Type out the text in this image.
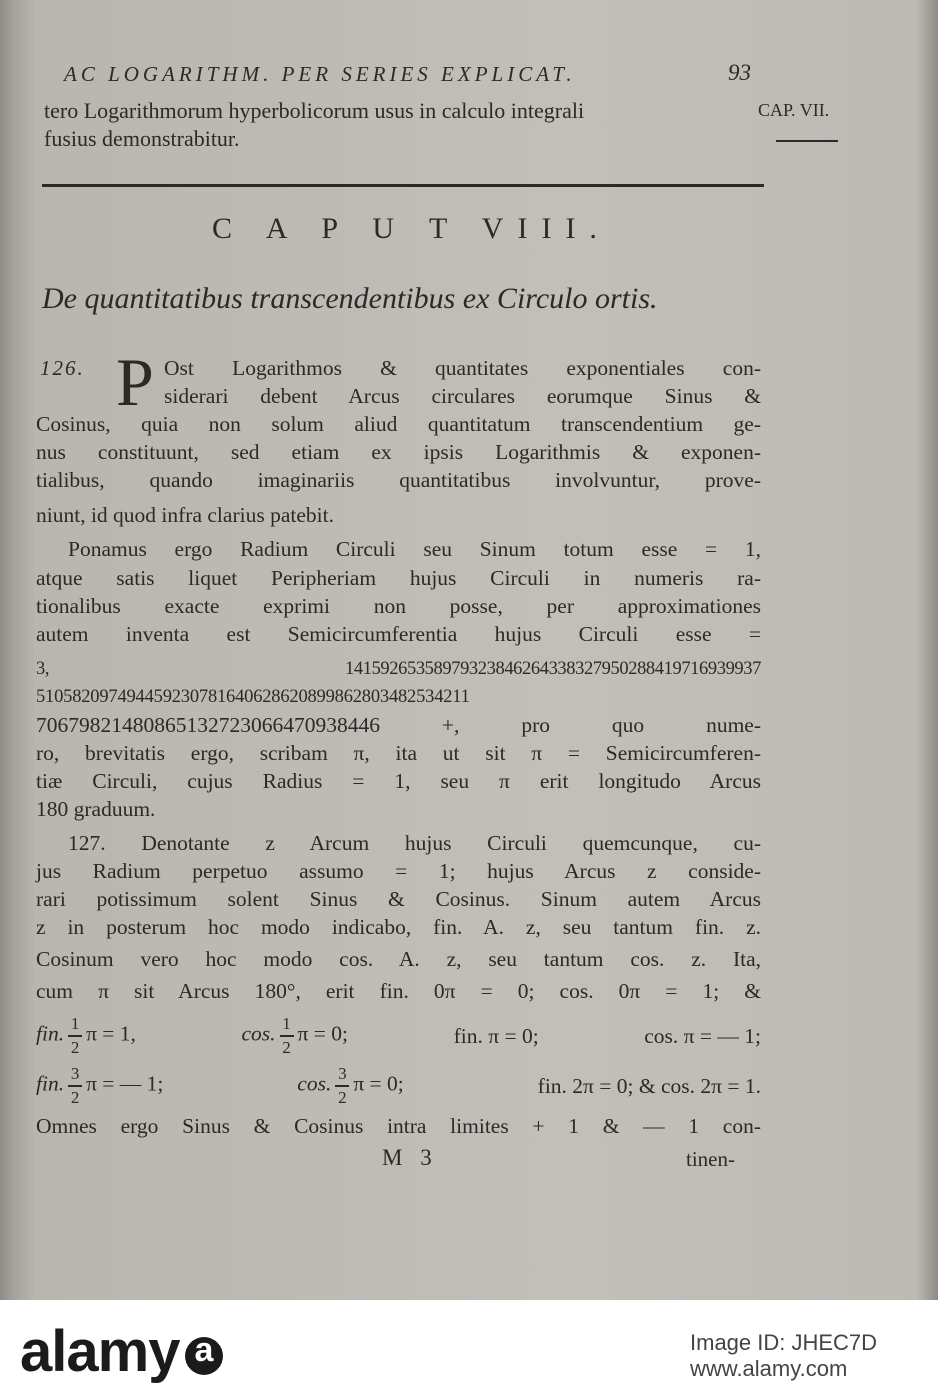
AC LOGARITHM. PER SERIES EXPLICAT.	93
tero Logarithmorum hyperbolicorum usus in calculo integrali	CAP. VII.
fusius demonstrabitur.
C A P U T VIII.
De quantitatibus transcendentibus ex Circulo ortis.
126. P Ost Logarithmos & quantitates exponentiales con-
siderari debent Arcus circulares eorumque Sinus &
Cosinus, quia non solum aliud quantitatum transcendentium ge-
nus constituunt, sed etiam ex ipsis Logarithmis & exponen-
tialibus, quando imaginariis quantitatibus involvuntur, prove-
niunt, id quod infra clarius patebit.
Ponamus ergo Radium Circuli seu Sinum totum esse = 1,
atque satis liquet Peripheriam hujus Circuli in numeris ra-
tionalibus exacte exprimi non posse, per approximationes
autem inventa est Semicircumferentia hujus Circuli esse =
3, 14159265358979323846264338327950288419716939937
510582097494459230781640628620899862803482534211
70679821480865132723066470938446 +, pro quo nume-
ro, brevitatis ergo, scribam π, ita ut sit π = Semicircumferen-
tiæ Circuli, cujus Radius = 1, seu π erit longitudo Arcus
180 graduum.
127. Denotante z Arcum hujus Circuli quemcunque, cu-
jus Radium perpetuo assumo = 1; hujus Arcus z conside-
rari potissimum solent Sinus & Cosinus. Sinum autem Arcus
z in posterum hoc modo indicabo, fin. A. z, seu tantum fin. z.
Cosinum vero hoc modo cos. A. z, seu tantum cos. z. Ita,
cum π sit Arcus 180°, erit fin. 0π = 0; cos. 0π = 1; &
fin. $\frac{1}{2}$ π = 1,	cos. $\frac{1}{2}$ π = 0;	fin. π = 0;	cos. π = — 1;
fin. $\frac{3}{2}$ π = — 1;	cos. $\frac{3}{2}$ π = 0;	fin. 2π = 0; & cos. 2π = 1.
Omnes ergo Sinus & Cosinus intra limites + 1 & — 1 con-
M 3	tinen-
alamya	Image ID: JHEC7D
www.alamy.com
